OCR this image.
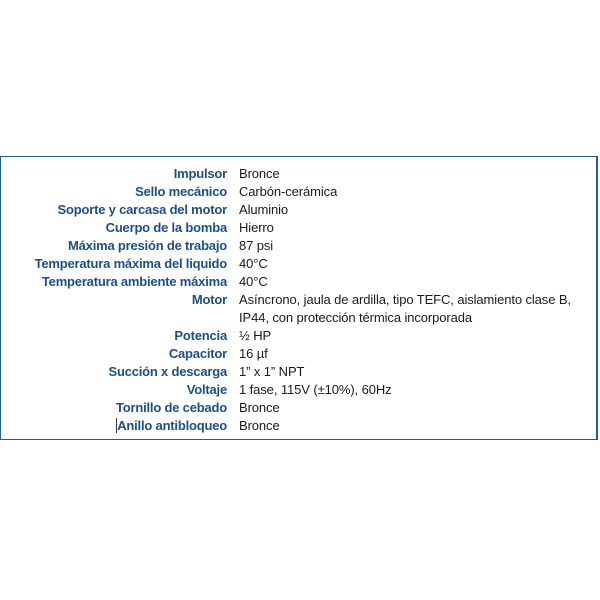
Impulsor Bronce
Sello mecánico Carbón-cerámica
Soporte y carcasa del motor Aluminio
Cuerpo de la bomba Hierro
Máxima presión de trabajo 87 psi
Temperatura máxima del liquido 40°C
Temperatura ambiente máxima 40°C
Motor Asíncrono, jaula de ardilla, tipo TEFC, aislamiento clase B, IP44, con protección térmica incorporada
Potencia ½ HP
Capacitor 16 µf
Succión x descarga 1” x 1” NPT
Voltaje 1 fase, 115V (±10%), 60Hz
Tornillo de cebado Bronce
Anillo antibloqueo Bronce
